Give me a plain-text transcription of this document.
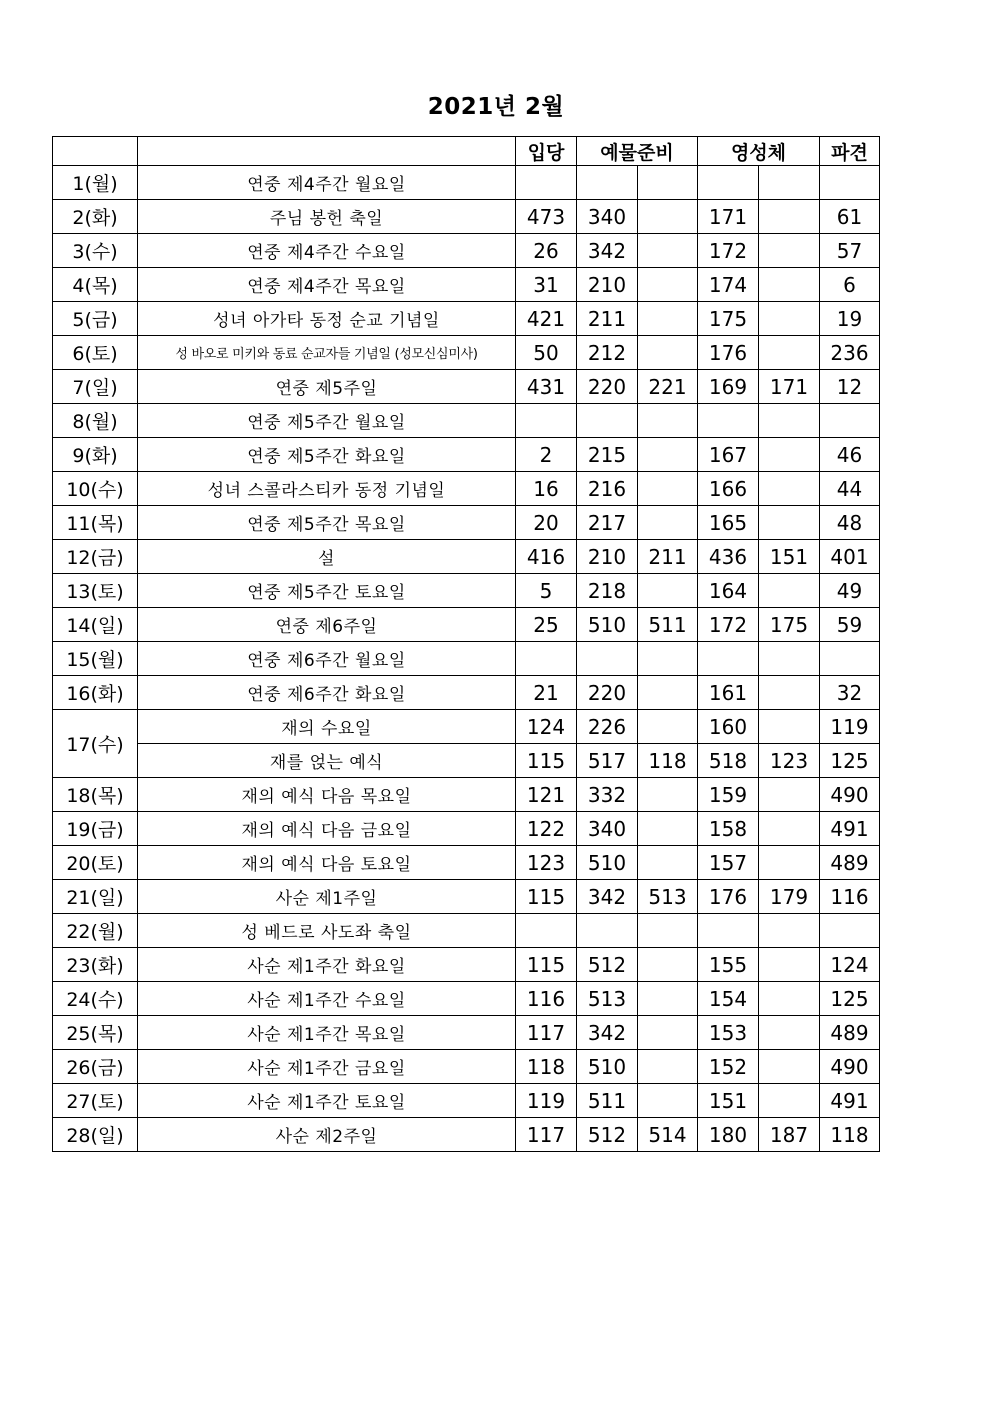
2021년 2월
		입당	예물준비		영성체		파견
1(월)	연중 제4주간 월요일						
2(화)	주님 봉헌 축일	473	340		171		61
3(수)	연중 제4주간 수요일	26	342		172		57
4(목)	연중 제4주간 목요일	31	210		174		6
5(금)	성녀 아가타 동정 순교 기념일	421	211		175		19
6(토)	성 바오로 미키와 동료 순교자들 기념일 (성모신심미사)	50	212		176		236
7(일)	연중 제5주일	431	220	221	169	171	12
8(월)	연중 제5주간 월요일						
9(화)	연중 제5주간 화요일	2	215		167		46
10(수)	성녀 스콜라스티카 동정 기념일	16	216		166		44
11(목)	연중 제5주간 목요일	20	217		165		48
12(금)	설	416	210	211	436	151	401
13(토)	연중 제5주간 토요일	5	218		164		49
14(일)	연중 제6주일	25	510	511	172	175	59
15(월)	연중 제6주간 월요일						
16(화)	연중 제6주간 화요일	21	220		161		32
17(수)	재의 수요일	124	226		160		119
	재를 얹는 예식	115	517	118	518	123	125
18(목)	재의 예식 다음 목요일	121	332		159		490
19(금)	재의 예식 다음 금요일	122	340		158		491
20(토)	재의 예식 다음 토요일	123	510		157		489
21(일)	사순 제1주일	115	342	513	176	179	116
22(월)	성 베드로 사도좌 축일						
23(화)	사순 제1주간 화요일	115	512		155		124
24(수)	사순 제1주간 수요일	116	513		154		125
25(목)	사순 제1주간 목요일	117	342		153		489
26(금)	사순 제1주간 금요일	118	510		152		490
27(토)	사순 제1주간 토요일	119	511		151		491
28(일)	사순 제2주일	117	512	514	180	187	118
